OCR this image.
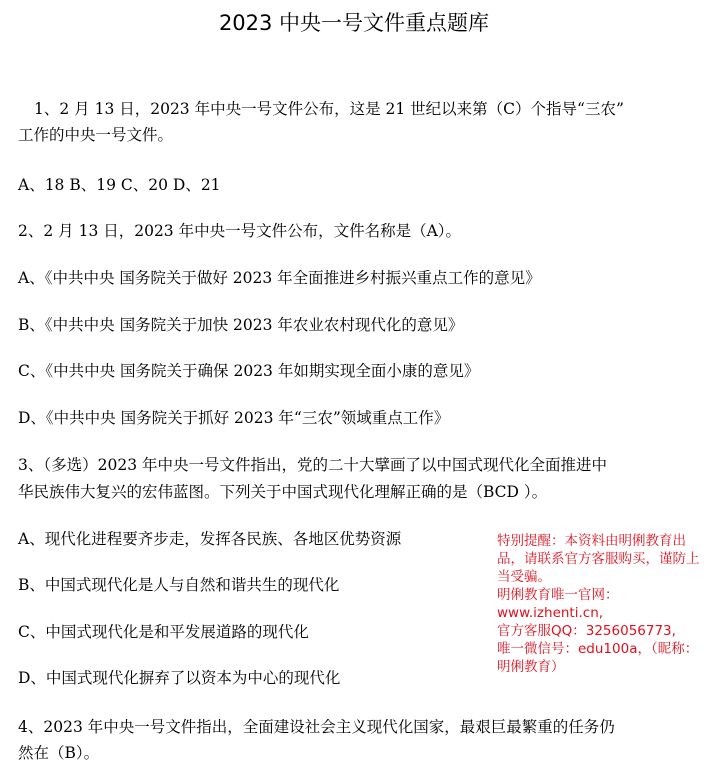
2023 中央一号文件重点题库
1、2 月 13 日，2023 年中央一号文件公布，这是 21 世纪以来第（C）个指导“三农”
工作的中央一号文件。
A、18 B、19 C、20 D、21
2、2 月 13 日，2023 年中央一号文件公布，文件名称是（A）。
A、《中共中央 国务院关于做好 2023 年全面推进乡村振兴重点工作的意见》
B、《中共中央 国务院关于加快 2023 年农业农村现代化的意见》
C、《中共中央 国务院关于确保 2023 年如期实现全面小康的意见》
D、《中共中央 国务院关于抓好 2023 年“三农”领域重点工作》
3、（多选）2023 年中央一号文件指出，党的二十大擘画了以中国式现代化全面推进中
华民族伟大复兴的宏伟蓝图。下列关于中国式现代化理解正确的是（BCD ）。
A、现代化进程要齐步走，发挥各民族、各地区优势资源
B、中国式现代化是人与自然和谐共生的现代化
C、中国式现代化是和平发展道路的现代化
D、中国式现代化摒弃了以资本为中心的现代化
4、2023 年中央一号文件指出，全面建设社会主义现代化国家，最艰巨最繁重的任务仍
然在（B）。
特别提醒：本资料由明俐教育出品，请联系官方客服购买，谨防上当受骗。
明俐教育唯一官网：
www.izhenti.cn,
官方客服QQ：3256056773,
唯一微信号：edu100a，（昵称：明俐教育）
